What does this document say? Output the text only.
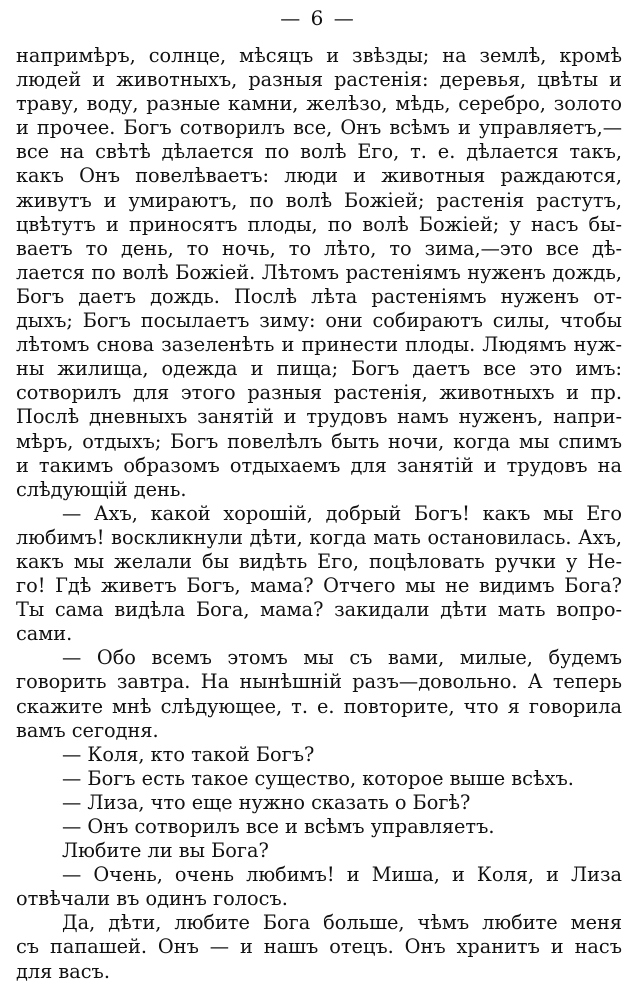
— 6 —
напримѣръ, солнце, мѣсяцъ и звѣзды; на землѣ, кромѣ
людей и животныхъ, разныя растенія: деревья, цвѣты и
траву, воду, разные камни, желѣзо, мѣдь, серебро, золото
и прочее. Богъ сотворилъ все, Онъ всѣмъ и управляетъ,—
все на свѣтѣ дѣлается по волѣ Его, т. е. дѣлается такъ,
какъ Онъ повелѣваетъ: люди и животныя раждаются,
живутъ и умираютъ, по волѣ Божіей; растенія растутъ,
цвѣтутъ и приносятъ плоды, по волѣ Божіей; у насъ бы-
ваетъ то день, то ночь, то лѣто, то зима,—это все дѣ-
лается по волѣ Божіей. Лѣтомъ растеніямъ нуженъ дождь,
Богъ даетъ дождь. Послѣ лѣта растеніямъ нуженъ от-
дыхъ; Богъ посылаетъ зиму: они собираютъ силы, чтобы
лѣтомъ снова зазеленѣть и принести плоды. Людямъ нуж-
ны жилища, одежда и пища; Богъ даетъ все это имъ:
сотворилъ для этого разныя растенія, животныхъ и пр.
Послѣ дневныхъ занятій и трудовъ намъ нуженъ, напри-
мѣръ, отдыхъ; Богъ повелѣлъ быть ночи, когда мы спимъ
и такимъ образомъ отдыхаемъ для занятій и трудовъ на
слѣдующій день.
— Ахъ, какой хорошій, добрый Богъ! какъ мы Его
любимъ! воскликнули дѣти, когда мать остановилась. Ахъ,
какъ мы желали бы видѣть Его, поцѣловать ручки у Не-
го! Гдѣ живетъ Богъ, мама? Отчего мы не видимъ Бога?
Ты сама видѣла Бога, мама? закидали дѣти мать вопро-
сами.
— Обо всемъ этомъ мы съ вами, милые, будемъ
говорить завтра. На нынѣшній разъ—довольно. А теперь
скажите мнѣ слѣдующее, т. е. повторите, что я говорила
вамъ сегодня.
— Коля, кто такой Богъ?
— Богъ есть такое существо, которое выше всѣхъ.
— Лиза, что еще нужно сказать о Богѣ?
— Онъ сотворилъ все и всѣмъ управляетъ.
Любите ли вы Бога?
— Очень, очень любимъ! и Миша, и Коля, и Лиза
отвѣчали въ одинъ голосъ.
Да, дѣти, любите Бога больше, чѣмъ любите меня
съ папашей. Онъ — и нашъ отецъ. Онъ хранитъ и насъ
для васъ.
